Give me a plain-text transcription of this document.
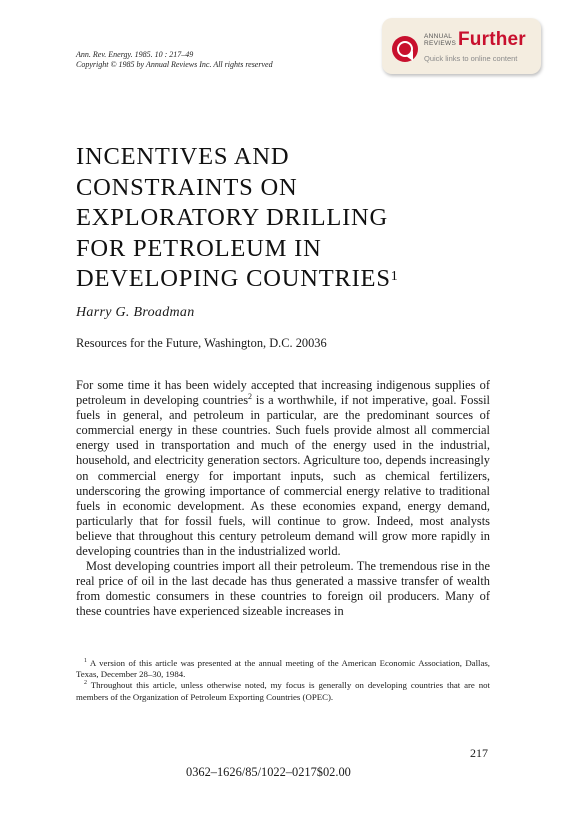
Ann. Rev. Energy. 1985. 10 : 217–49
Copyright © 1985 by Annual Reviews Inc. All rights reserved
ANNUAL
REVIEWS Further
Quick links to online content
INCENTIVES AND
CONSTRAINTS ON
EXPLORATORY DRILLING
FOR PETROLEUM IN
DEVELOPING COUNTRIES$^1$
Harry G. Broadman
Resources for the Future, Washington, D.C. 20036

For some time it has been widely accepted that increasing indigenous supplies of petroleum in developing countries$^2$ is a worthwhile, if not imperative, goal. Fossil fuels in general, and petroleum in particular, are the predominant sources of commercial energy in these countries. Such fuels provide almost all commercial energy used in transportation and much of the energy used in the industrial, household, and electricity generation sectors. Agriculture too, depends increasingly on commercial energy for important inputs, such as chemical fertilizers, underscoring the growing importance of commercial energy relative to traditional fuels in economic development. As these economies expand, energy demand, particularly that for fossil fuels, will continue to grow. Indeed, most analysts believe that throughout this century petroleum demand will grow more rapidly in developing countries than in the industrialized world.

Most developing countries import all their petroleum. The tremendous rise in the real price of oil in the last decade has thus generated a massive transfer of wealth from domestic consumers in these countries to foreign oil producers. Many of these countries have experienced sizeable increases in

$^1$ A version of this article was presented at the annual meeting of the American Economic Association, Dallas, Texas, December 28–30, 1984.

$^2$ Throughout this article, unless otherwise noted, my focus is generally on developing countries that are not members of the Organization of Petroleum Exporting Countries (OPEC).

217
0362–1626/85/1022–0217$02.00
